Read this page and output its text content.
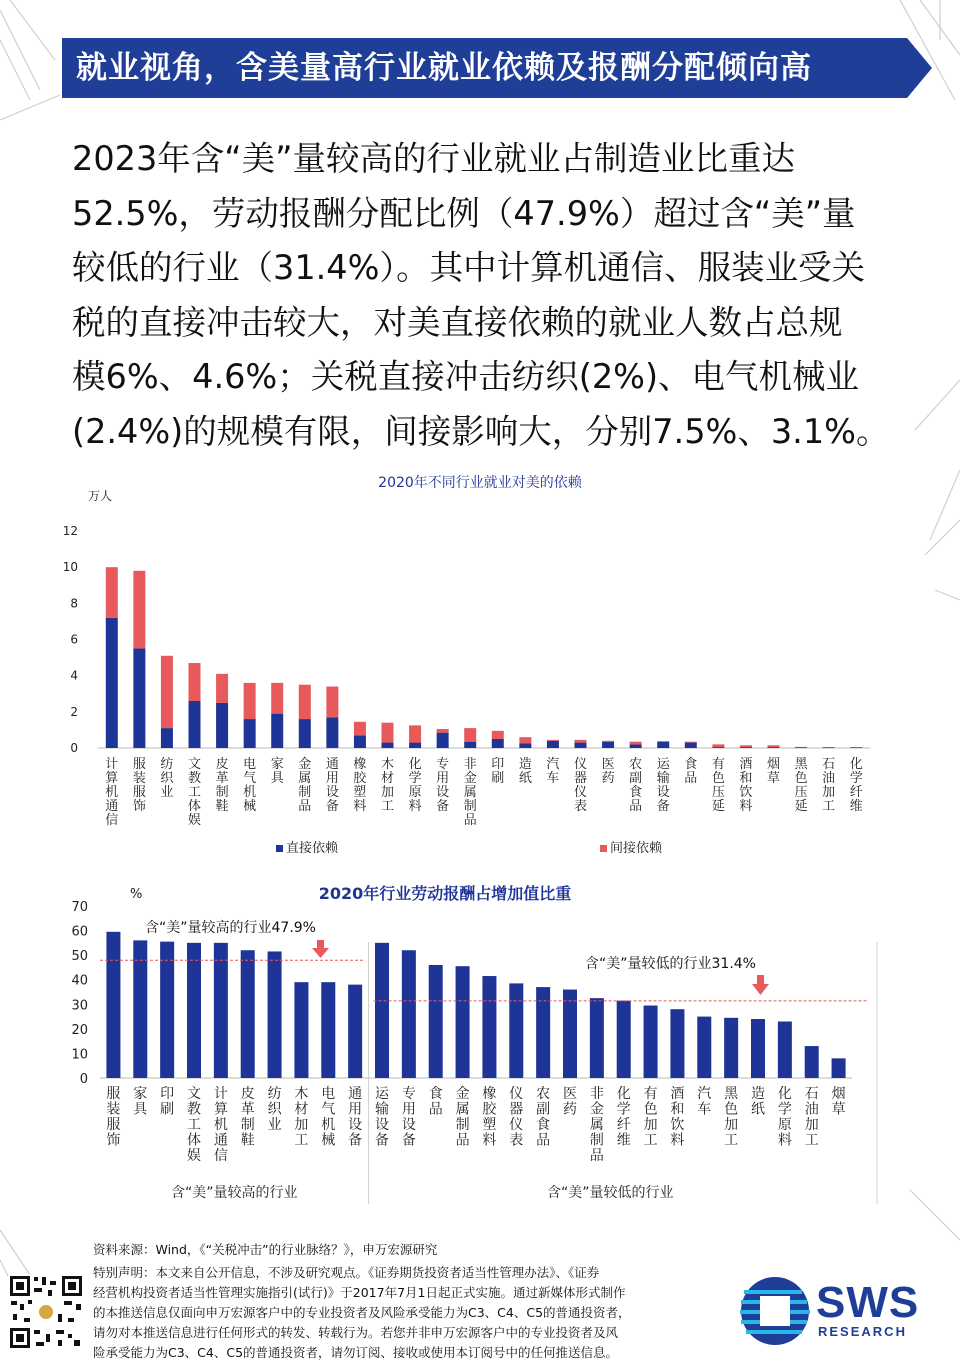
就业视角，含美量高行业就业依赖及报酬分配倾向高

2023年含“美”量较高的行业就业占制造业比重达

52.5%，劳动报酬分配比例（47.9%）超过含“美”量

较低的行业（31.4%）。其中计算机通信、服装业受关

税的直接冲击较大，对美直接依赖的就业人数占总规

模6%、4.6%；关税直接冲击纺织(2%)、电气机械业

(2.4%)的规模有限，间接影响大，分别7.5%、3.1%。

2020年不同行业就业对美的依赖
万人
0
2
4
6
8
10
12
计算机通信
服装服饰
纺织业
文教工体娱
皮革制鞋
电气机械
家具
金属制品
通用设备
橡胶塑料
木材加工
化学原料
专用设备
非金属制品
印刷
造纸
汽车
仪器仪表
医药
农副食品
运输设备
食品
有色压延
酒和饮料
烟草
黑色压延
石油加工
化学纤维
直接依赖	间接依赖
2020年行业劳动报酬占增加值比重
%
0
10
20
30
40
50
60
70
服装服饰
家具
印刷
文教工体娱
计算机通信
皮革制鞋
纺织业
木材加工
电气机械
通用设备
运输设备
专用设备
食品
金属制品
橡胶塑料
仪器仪表
农副食品
医药
非金属制品
化学纤维
有色加工
酒和饮料
汽车
黑色加工
造纸
化学原料
石油加工
烟草
含“美”量较高的行业47.9%
含“美”量较低的行业31.4%
含“美”量较高的行业	含“美”量较低的行业

资料来源：Wind，《“关税冲击”的行业脉络？》，申万宏源研究

特别声明：本文来自公开信息，不涉及研究观点。《证券期货投资者适当性管理办法》、《证券

经营机构投资者适当性管理实施指引(试行)》于2017年7月1日起正式实施。通过新媒体形式制作

的本推送信息仅面向申万宏源客户中的专业投资者及风险承受能力为C3、C4、C5的普通投资者，

请勿对本推送信息进行任何形式的转发、转载行为。若您并非申万宏源客户中的专业投资者及风

险承受能力为C3、C4、C5的普通投资者，请勿订阅、接收或使用本订阅号中的任何推送信息。

SWS
RESEARCH
